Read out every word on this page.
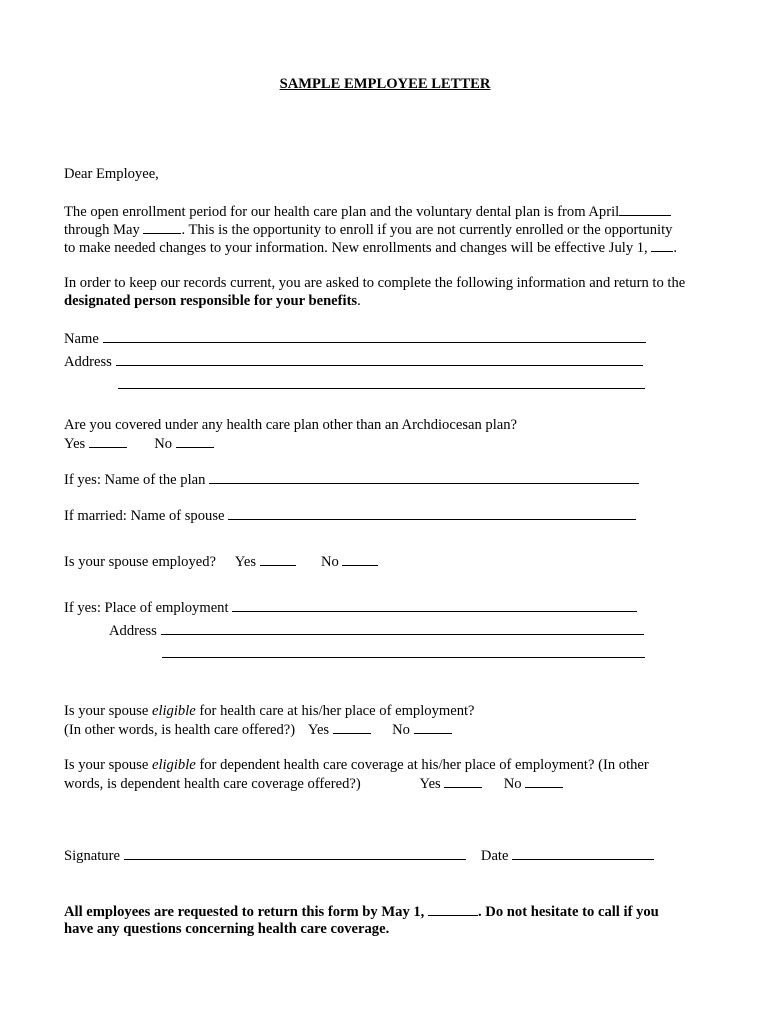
SAMPLE EMPLOYEE LETTER
Dear Employee,
The open enrollment period for our health care plan and the voluntary dental plan is from April
through May	. This is the opportunity to enroll if you are not currently enrolled or the opportunity
to make needed changes to your information. New enrollments and changes will be effective July 1, .
In order to keep our records current, you are asked to complete the following information and return to the
designated person responsible for your benefits.
Name
Address
Are you covered under any health care plan other than an Archdiocesan plan?
Yes	No
If yes: Name of the plan
If married: Name of spouse
Is your spouse employed? Yes	No
If yes: Place of employment
Address
Is your spouse eligible for health care at his/her place of employment?
(In other words, is health care offered?) Yes	No
Is your spouse eligible for dependent health care coverage at his/her place of employment? (In other
words, is dependent health care coverage offered?)	Yes	No
Signature	Date
All employees are requested to return this form by May 1,	. Do not hesitate to call if you
have any questions concerning health care coverage.
